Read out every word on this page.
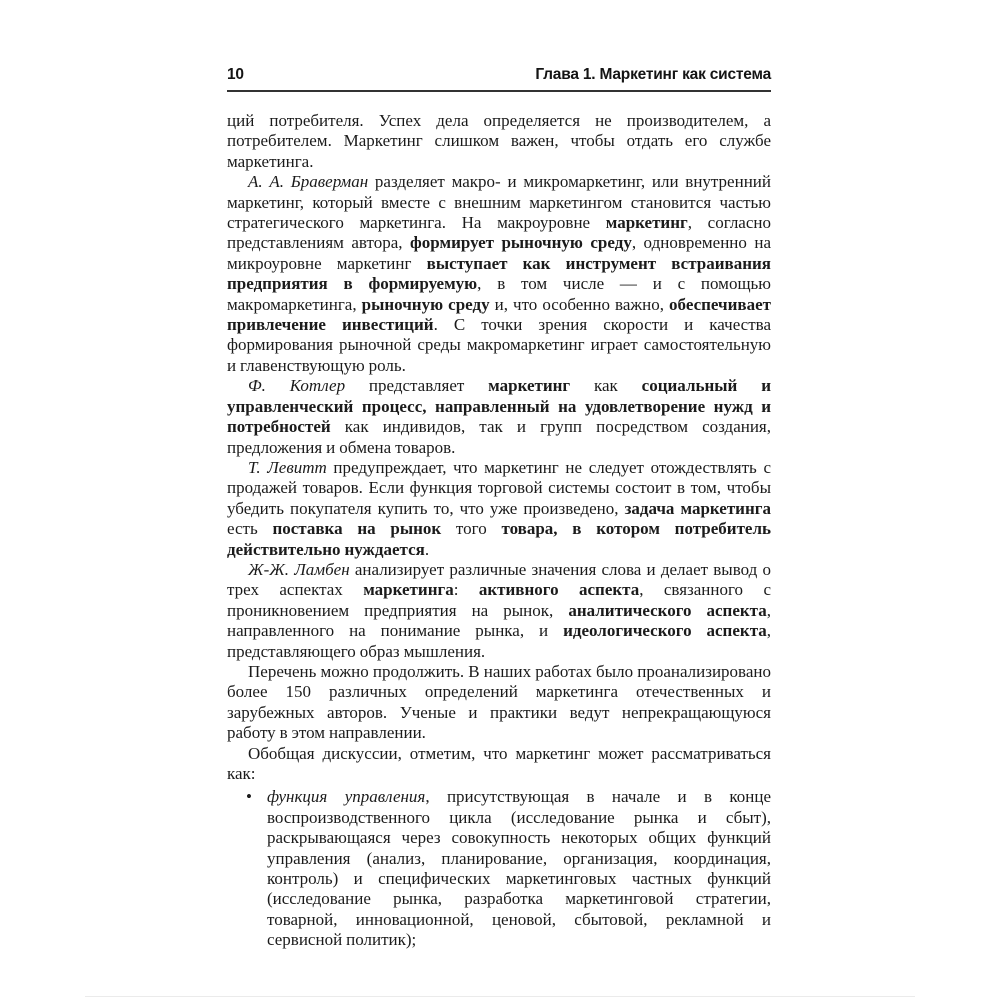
10	Глава 1. Маркетинг как система

ций потребителя. Успех дела определяется не производителем, а потребителем. Маркетинг слишком важен, чтобы отдать его службе маркетинга.

А. А. Браверман разделяет макро- и микромаркетинг, или внутренний маркетинг, который вместе с внешним маркетингом становится частью стратегического маркетинга. На макроуровне маркетинг, согласно представлениям автора, формирует рыночную среду, одновременно на микроуровне маркетинг выступает как инструмент встраивания предприятия в формируемую, в том числе — и с помощью макромаркетинга, рыночную среду и, что особенно важно, обеспечивает привлечение инвестиций. С точки зрения скорости и качества формирования рыночной среды макромаркетинг играет самостоятельную и главенствующую роль.

Ф. Котлер представляет маркетинг как социальный и управленческий процесс, направленный на удовлетворение нужд и потребностей как индивидов, так и групп посредством создания, предложения и обмена товаров.

Т. Левитт предупреждает, что маркетинг не следует отождествлять с продажей товаров. Если функция торговой системы состоит в том, чтобы убедить покупателя купить то, что уже произведено, задача маркетинга есть поставка на рынок того товара, в котором потребитель действительно нуждается.

Ж-Ж. Ламбен анализирует различные значения слова и делает вывод о трех аспектах маркетинга: активного аспекта, связанного с проникновением предприятия на рынок, аналитического аспекта, направленного на понимание рынка, и идеологического аспекта, представляющего образ мышления.

Перечень можно продолжить. В наших работах было проанализировано более 150 различных определений маркетинга отечественных и зарубежных авторов. Ученые и практики ведут непрекращающуюся работу в этом направлении.

Обобщая дискуссии, отметим, что маркетинг может рассматриваться как:

• функция управления, присутствующая в начале и в конце воспроизводственного цикла (исследование рынка и сбыт), раскрывающаяся через совокупность некоторых общих функций управления (анализ, планирование, организация, координация, контроль) и специфических маркетинговых частных функций (исследование рынка, разработка маркетинговой стратегии, товарной, инновационной, ценовой, сбытовой, рекламной и сервисной политик);
